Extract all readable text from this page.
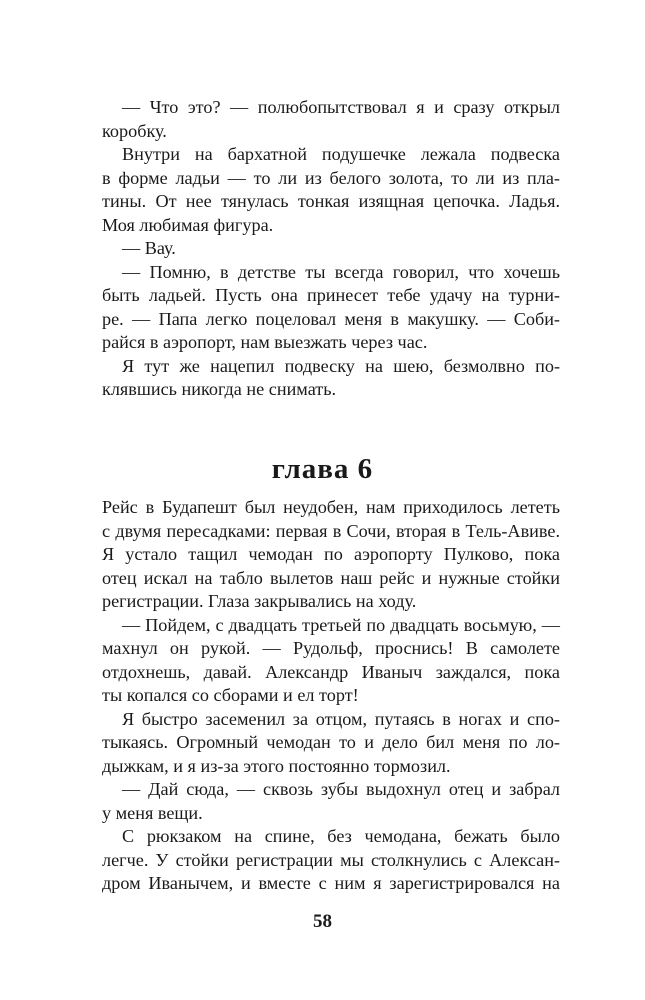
— Что это? — полюбопытствовал я и сразу открыл
коробку.
Внутри на бархатной подушечке лежала подвеска
в форме ладьи — то ли из белого золота, то ли из пла-
тины. От нее тянулась тонкая изящная цепочка. Ладья.
Моя любимая фигура.
— Вау.
— Помню, в детстве ты всегда говорил, что хочешь
быть ладьей. Пусть она принесет тебе удачу на турни-
ре. — Папа легко поцеловал меня в макушку. — Соби-
райся в аэропорт, нам выезжать через час.
Я тут же нацепил подвеску на шею, безмолвно по-
клявшись никогда не снимать.
глава 6
Рейс в Будапешт был неудобен, нам приходилось лететь
с двумя пересадками: первая в Сочи, вторая в Тель-Авиве.
Я устало тащил чемодан по аэропорту Пулково, пока
отец искал на табло вылетов наш рейс и нужные стойки
регистрации. Глаза закрывались на ходу.
— Пойдем, с двадцать третьей по двадцать восьмую, —
махнул он рукой. — Рудольф, проснись! В самолете
отдохнешь, давай. Александр Иваныч заждался, пока
ты копался со сборами и ел торт!
Я быстро засеменил за отцом, путаясь в ногах и спо-
тыкаясь. Огромный чемодан то и дело бил меня по ло-
дыжкам, и я из-за этого постоянно тормозил.
— Дай сюда, — сквозь зубы выдохнул отец и забрал
у меня вещи.
С рюкзаком на спине, без чемодана, бежать было
легче. У стойки регистрации мы столкнулись с Алексан-
дром Иванычем, и вместе с ним я зарегистрировался на
58
